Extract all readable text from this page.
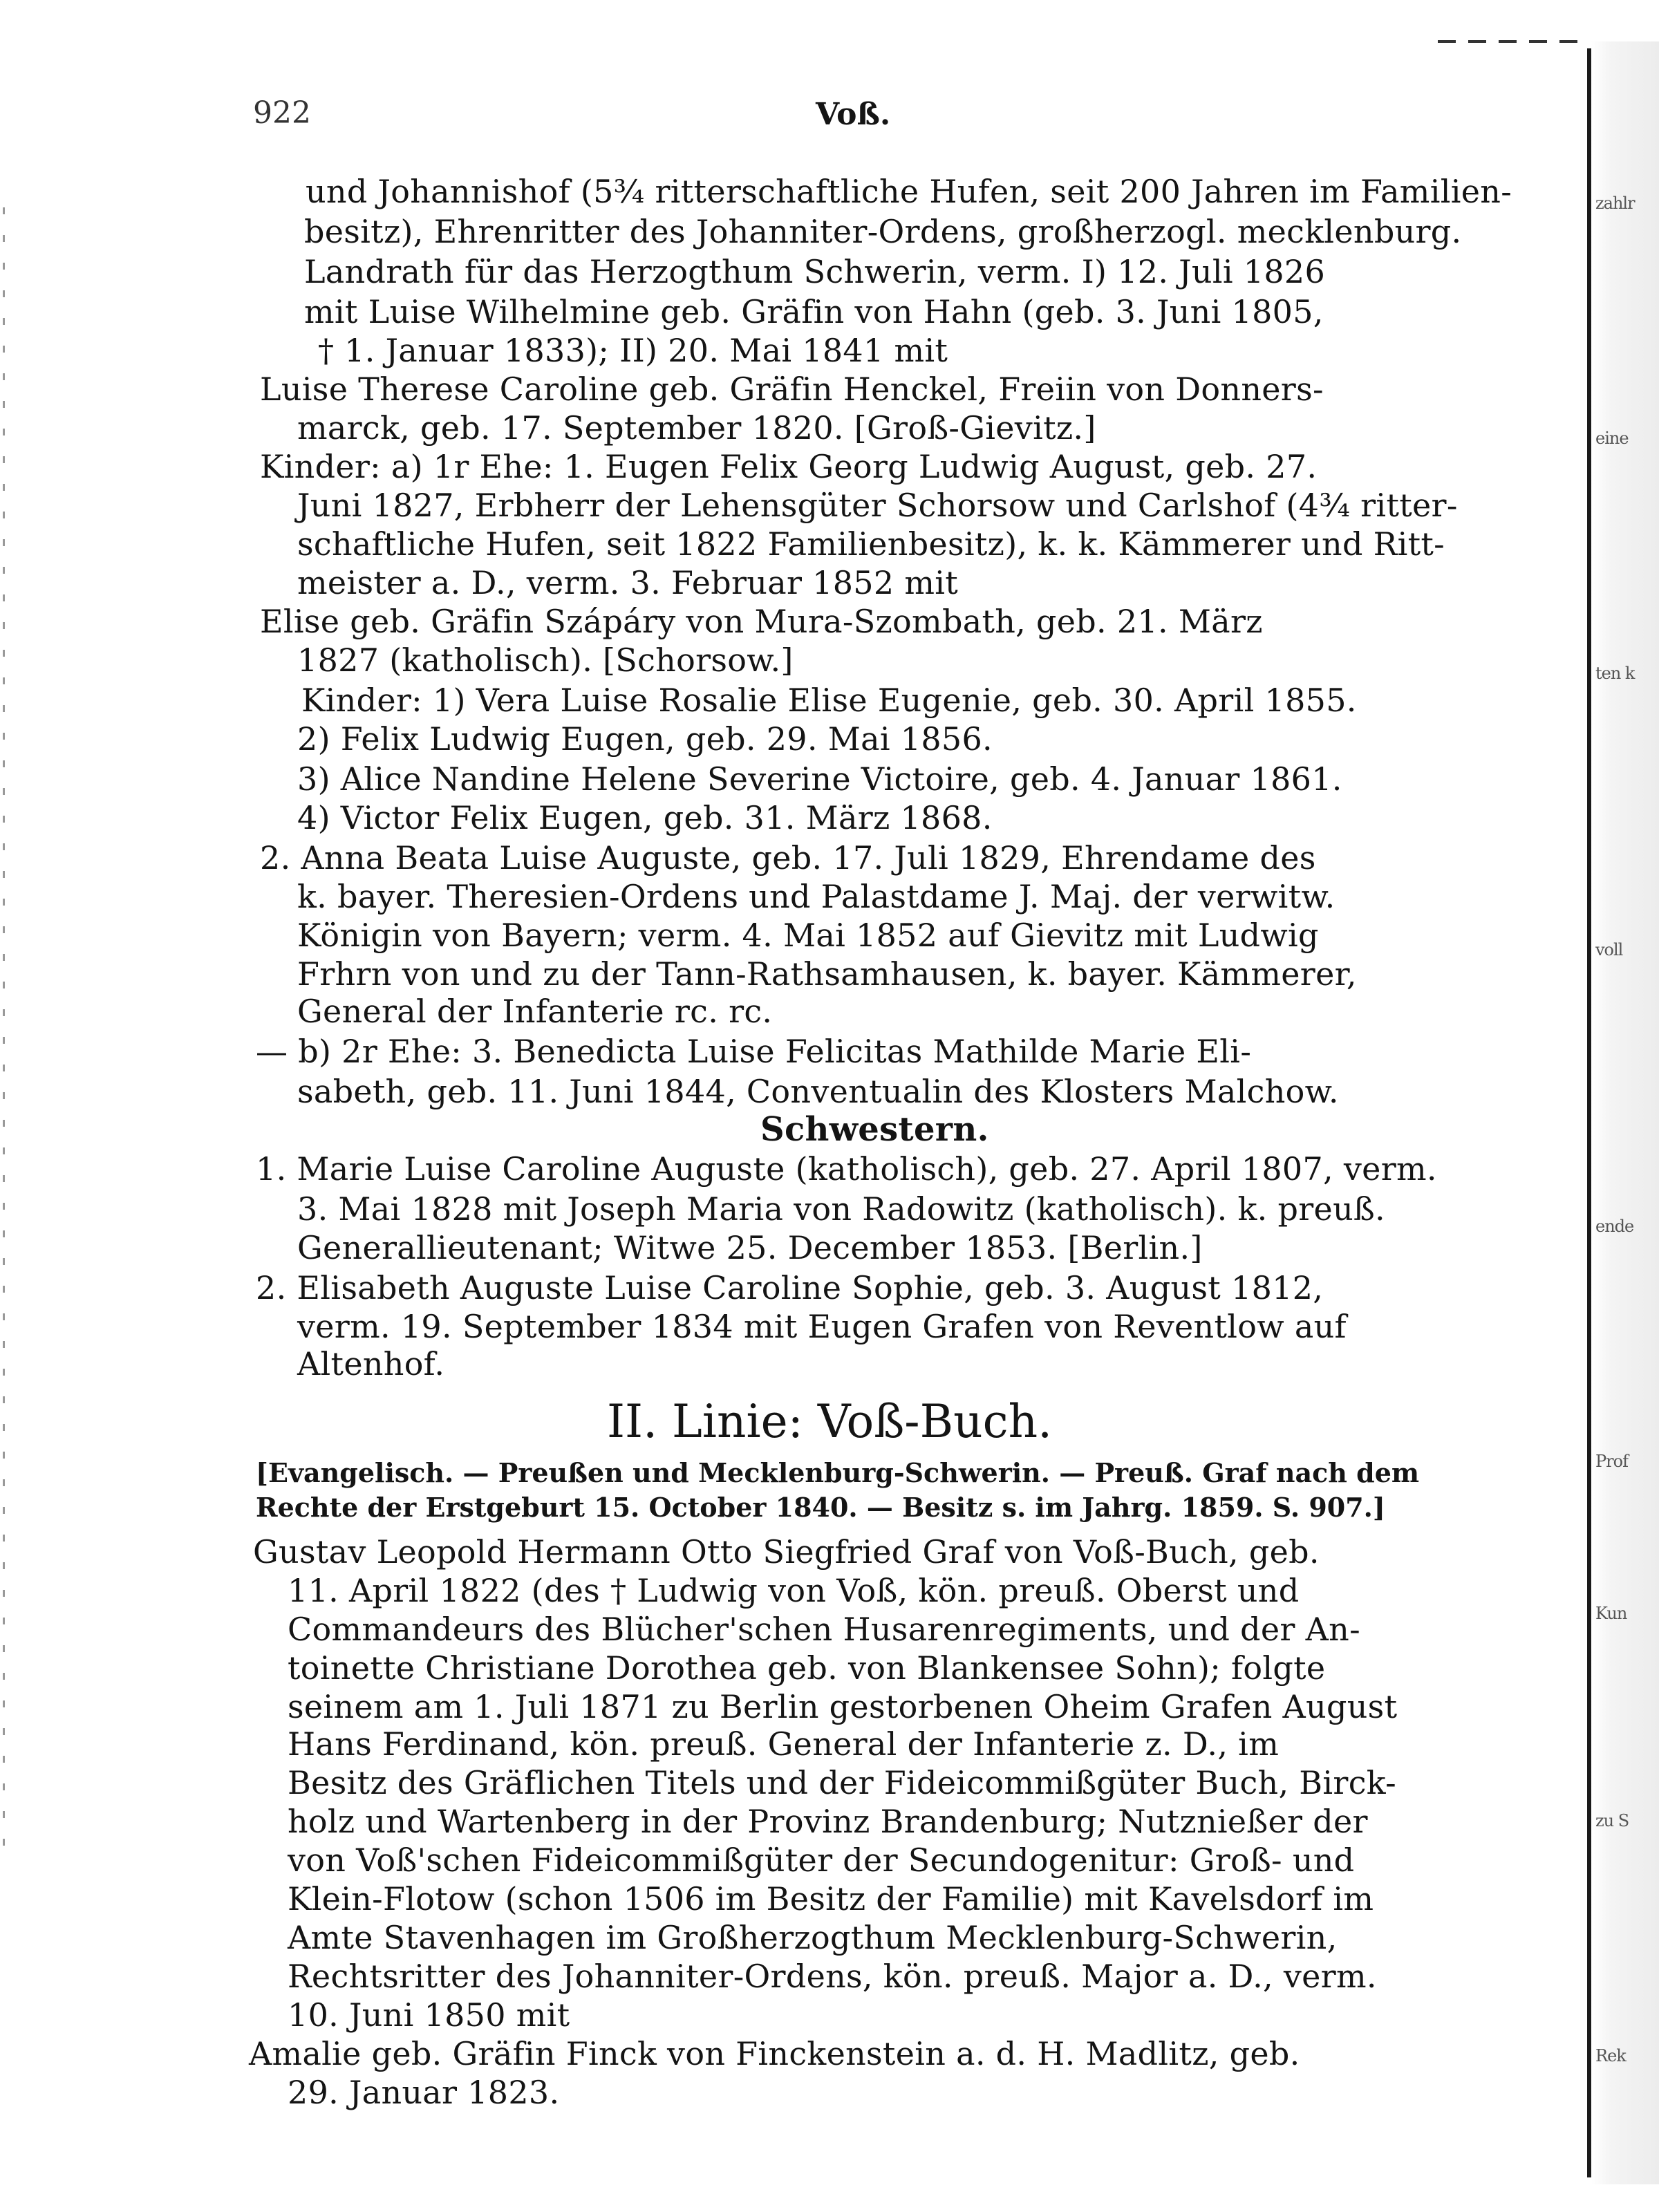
zahlr
eine
ten k
voll
ende
Prof
Kun
zu S
Rek
922	Voß.

und Johannishof (5¾ ritterschaftliche Hufen, seit 200 Jahren im Familien-

besitz), Ehrenritter des Johanniter-Ordens, großherzogl. mecklenburg.

Landrath für das Herzogthum Schwerin, verm. I) 12. Juli 1826

mit Luise Wilhelmine geb. Gräfin von Hahn (geb. 3. Juni 1805,

† 1. Januar 1833); II) 20. Mai 1841 mit

Luise Therese Caroline geb. Gräfin Henckel, Freiin von Donners-

marck, geb. 17. September 1820. [Groß-Gievitz.]

Kinder: a) 1r Ehe: 1. Eugen Felix Georg Ludwig August, geb. 27.

Juni 1827, Erbherr der Lehensgüter Schorsow und Carlshof (4¾ ritter-

schaftliche Hufen, seit 1822 Familienbesitz), k. k. Kämmerer und Ritt-

meister a. D., verm. 3. Februar 1852 mit

Elise geb. Gräfin Szápáry von Mura-Szombath, geb. 21. März

1827 (katholisch). [Schorsow.]

Kinder: 1) Vera Luise Rosalie Elise Eugenie, geb. 30. April 1855.

2) Felix Ludwig Eugen, geb. 29. Mai 1856.

3) Alice Nandine Helene Severine Victoire, geb. 4. Januar 1861.

4) Victor Felix Eugen, geb. 31. März 1868.

2. Anna Beata Luise Auguste, geb. 17. Juli 1829, Ehrendame des

k. bayer. Theresien-Ordens und Palastdame J. Maj. der verwitw.

Königin von Bayern; verm. 4. Mai 1852 auf Gievitz mit Ludwig

Frhrn von und zu der Tann-Rathsamhausen, k. bayer. Kämmerer,

General der Infanterie rc. rc.

— b) 2r Ehe: 3. Benedicta Luise Felicitas Mathilde Marie Eli-

sabeth, geb. 11. Juni 1844, Conventualin des Klosters Malchow.

Schwestern.

1. Marie Luise Caroline Auguste (katholisch), geb. 27. April 1807, verm.

3. Mai 1828 mit Joseph Maria von Radowitz (katholisch). k. preuß.

Generallieutenant; Witwe 25. December 1853. [Berlin.]

2. Elisabeth Auguste Luise Caroline Sophie, geb. 3. August 1812,

verm. 19. September 1834 mit Eugen Grafen von Reventlow auf

Altenhof.

II. Linie: Voß-Buch.

[Evangelisch. — Preußen und Mecklenburg-Schwerin. — Preuß. Graf nach dem

Rechte der Erstgeburt 15. October 1840. — Besitz s. im Jahrg. 1859. S. 907.]

Gustav Leopold Hermann Otto Siegfried Graf von Voß-Buch, geb.

11. April 1822 (des † Ludwig von Voß, kön. preuß. Oberst und

Commandeurs des Blücher'schen Husarenregiments, und der An-

toinette Christiane Dorothea geb. von Blankensee Sohn); folgte

seinem am 1. Juli 1871 zu Berlin gestorbenen Oheim Grafen August

Hans Ferdinand, kön. preuß. General der Infanterie z. D., im

Besitz des Gräflichen Titels und der Fideicommißgüter Buch, Birck-

holz und Wartenberg in der Provinz Brandenburg; Nutznießer der

von Voß'schen Fideicommißgüter der Secundogenitur: Groß- und

Klein-Flotow (schon 1506 im Besitz der Familie) mit Kavelsdorf im

Amte Stavenhagen im Großherzogthum Mecklenburg-Schwerin,

Rechtsritter des Johanniter-Ordens, kön. preuß. Major a. D., verm.

10. Juni 1850 mit

Amalie geb. Gräfin Finck von Finckenstein a. d. H. Madlitz, geb.

29. Januar 1823.
